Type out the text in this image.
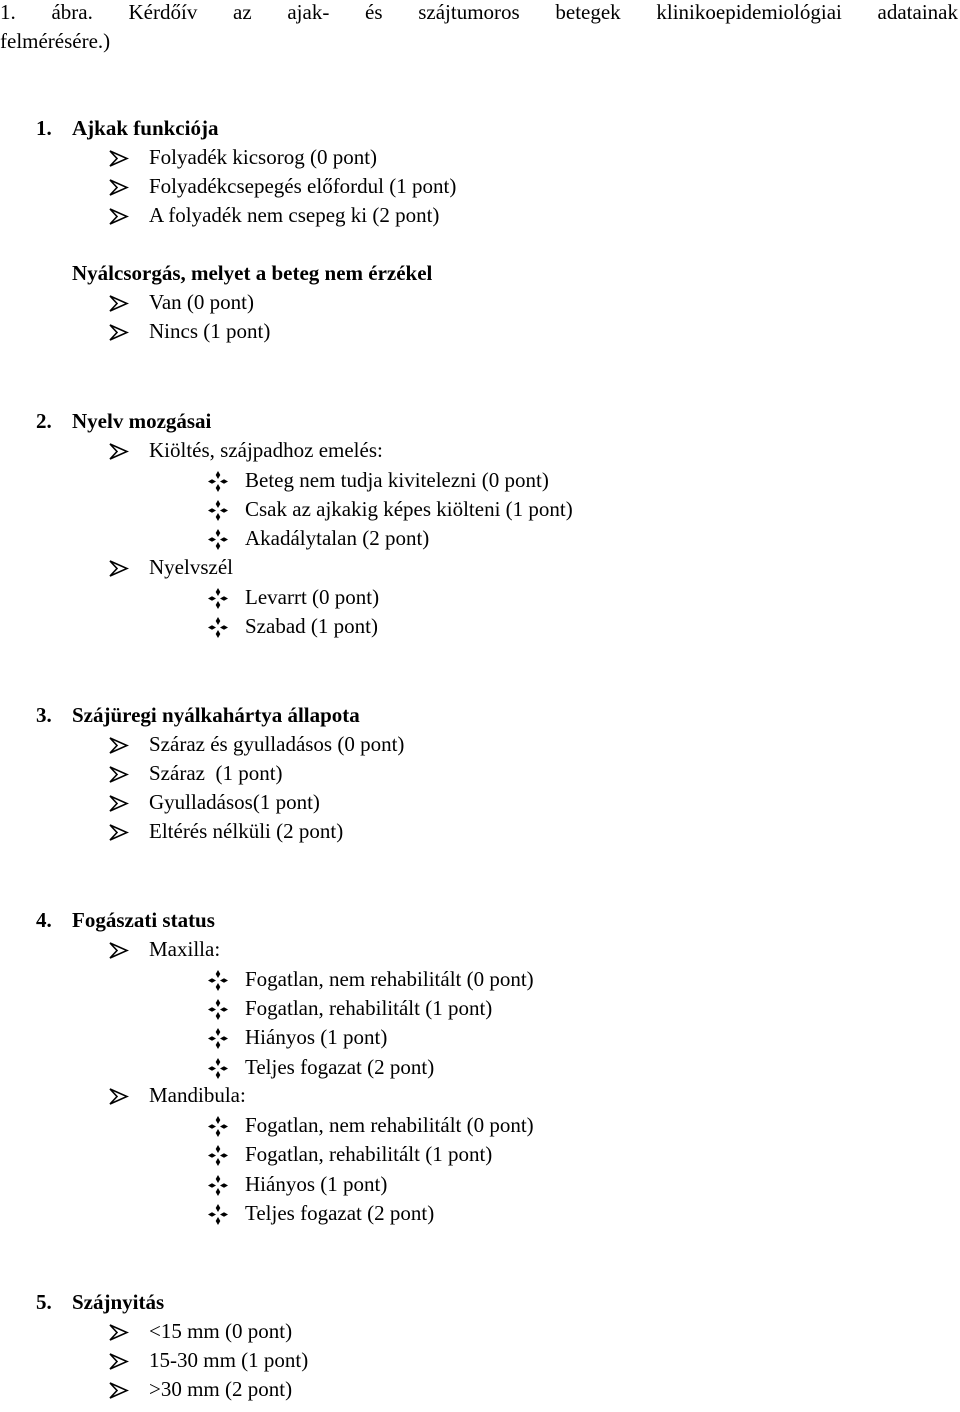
1. ábra. Kérdőív az ajak- és szájtumoros betegek klinikoepidemiológiai adatainak
felmérésére.)
1. Ajkak funkciója
Folyadék kicsorog (0 pont)
Folyadékcsepegés előfordul (1 pont)
A folyadék nem csepeg ki (2 pont)
Nyálcsorgás, melyet a beteg nem érzékel
Van (0 pont)
Nincs (1 pont)
2. Nyelv mozgásai
Kiöltés, szájpadhoz emelés:
Beteg nem tudja kivitelezni (0 pont)
Csak az ajkakig képes kiölteni (1 pont)
Akadálytalan (2 pont)
Nyelvszél
Levarrt (0 pont)
Szabad (1 pont)
3. Szájüregi nyálkahártya állapota
Száraz és gyulladásos (0 pont)
Száraz  (1 pont)
Gyulladásos(1 pont)
Eltérés nélküli (2 pont)
4. Fogászati status
Maxilla:
Fogatlan, nem rehabilitált (0 pont)
Fogatlan, rehabilitált (1 pont)
Hiányos (1 pont)
Teljes fogazat (2 pont)
Mandibula:
Fogatlan, nem rehabilitált (0 pont)
Fogatlan, rehabilitált (1 pont)
Hiányos (1 pont)
Teljes fogazat (2 pont)
5. Szájnyitás
<15 mm (0 pont)
15-30 mm (1 pont)
>30 mm (2 pont)
